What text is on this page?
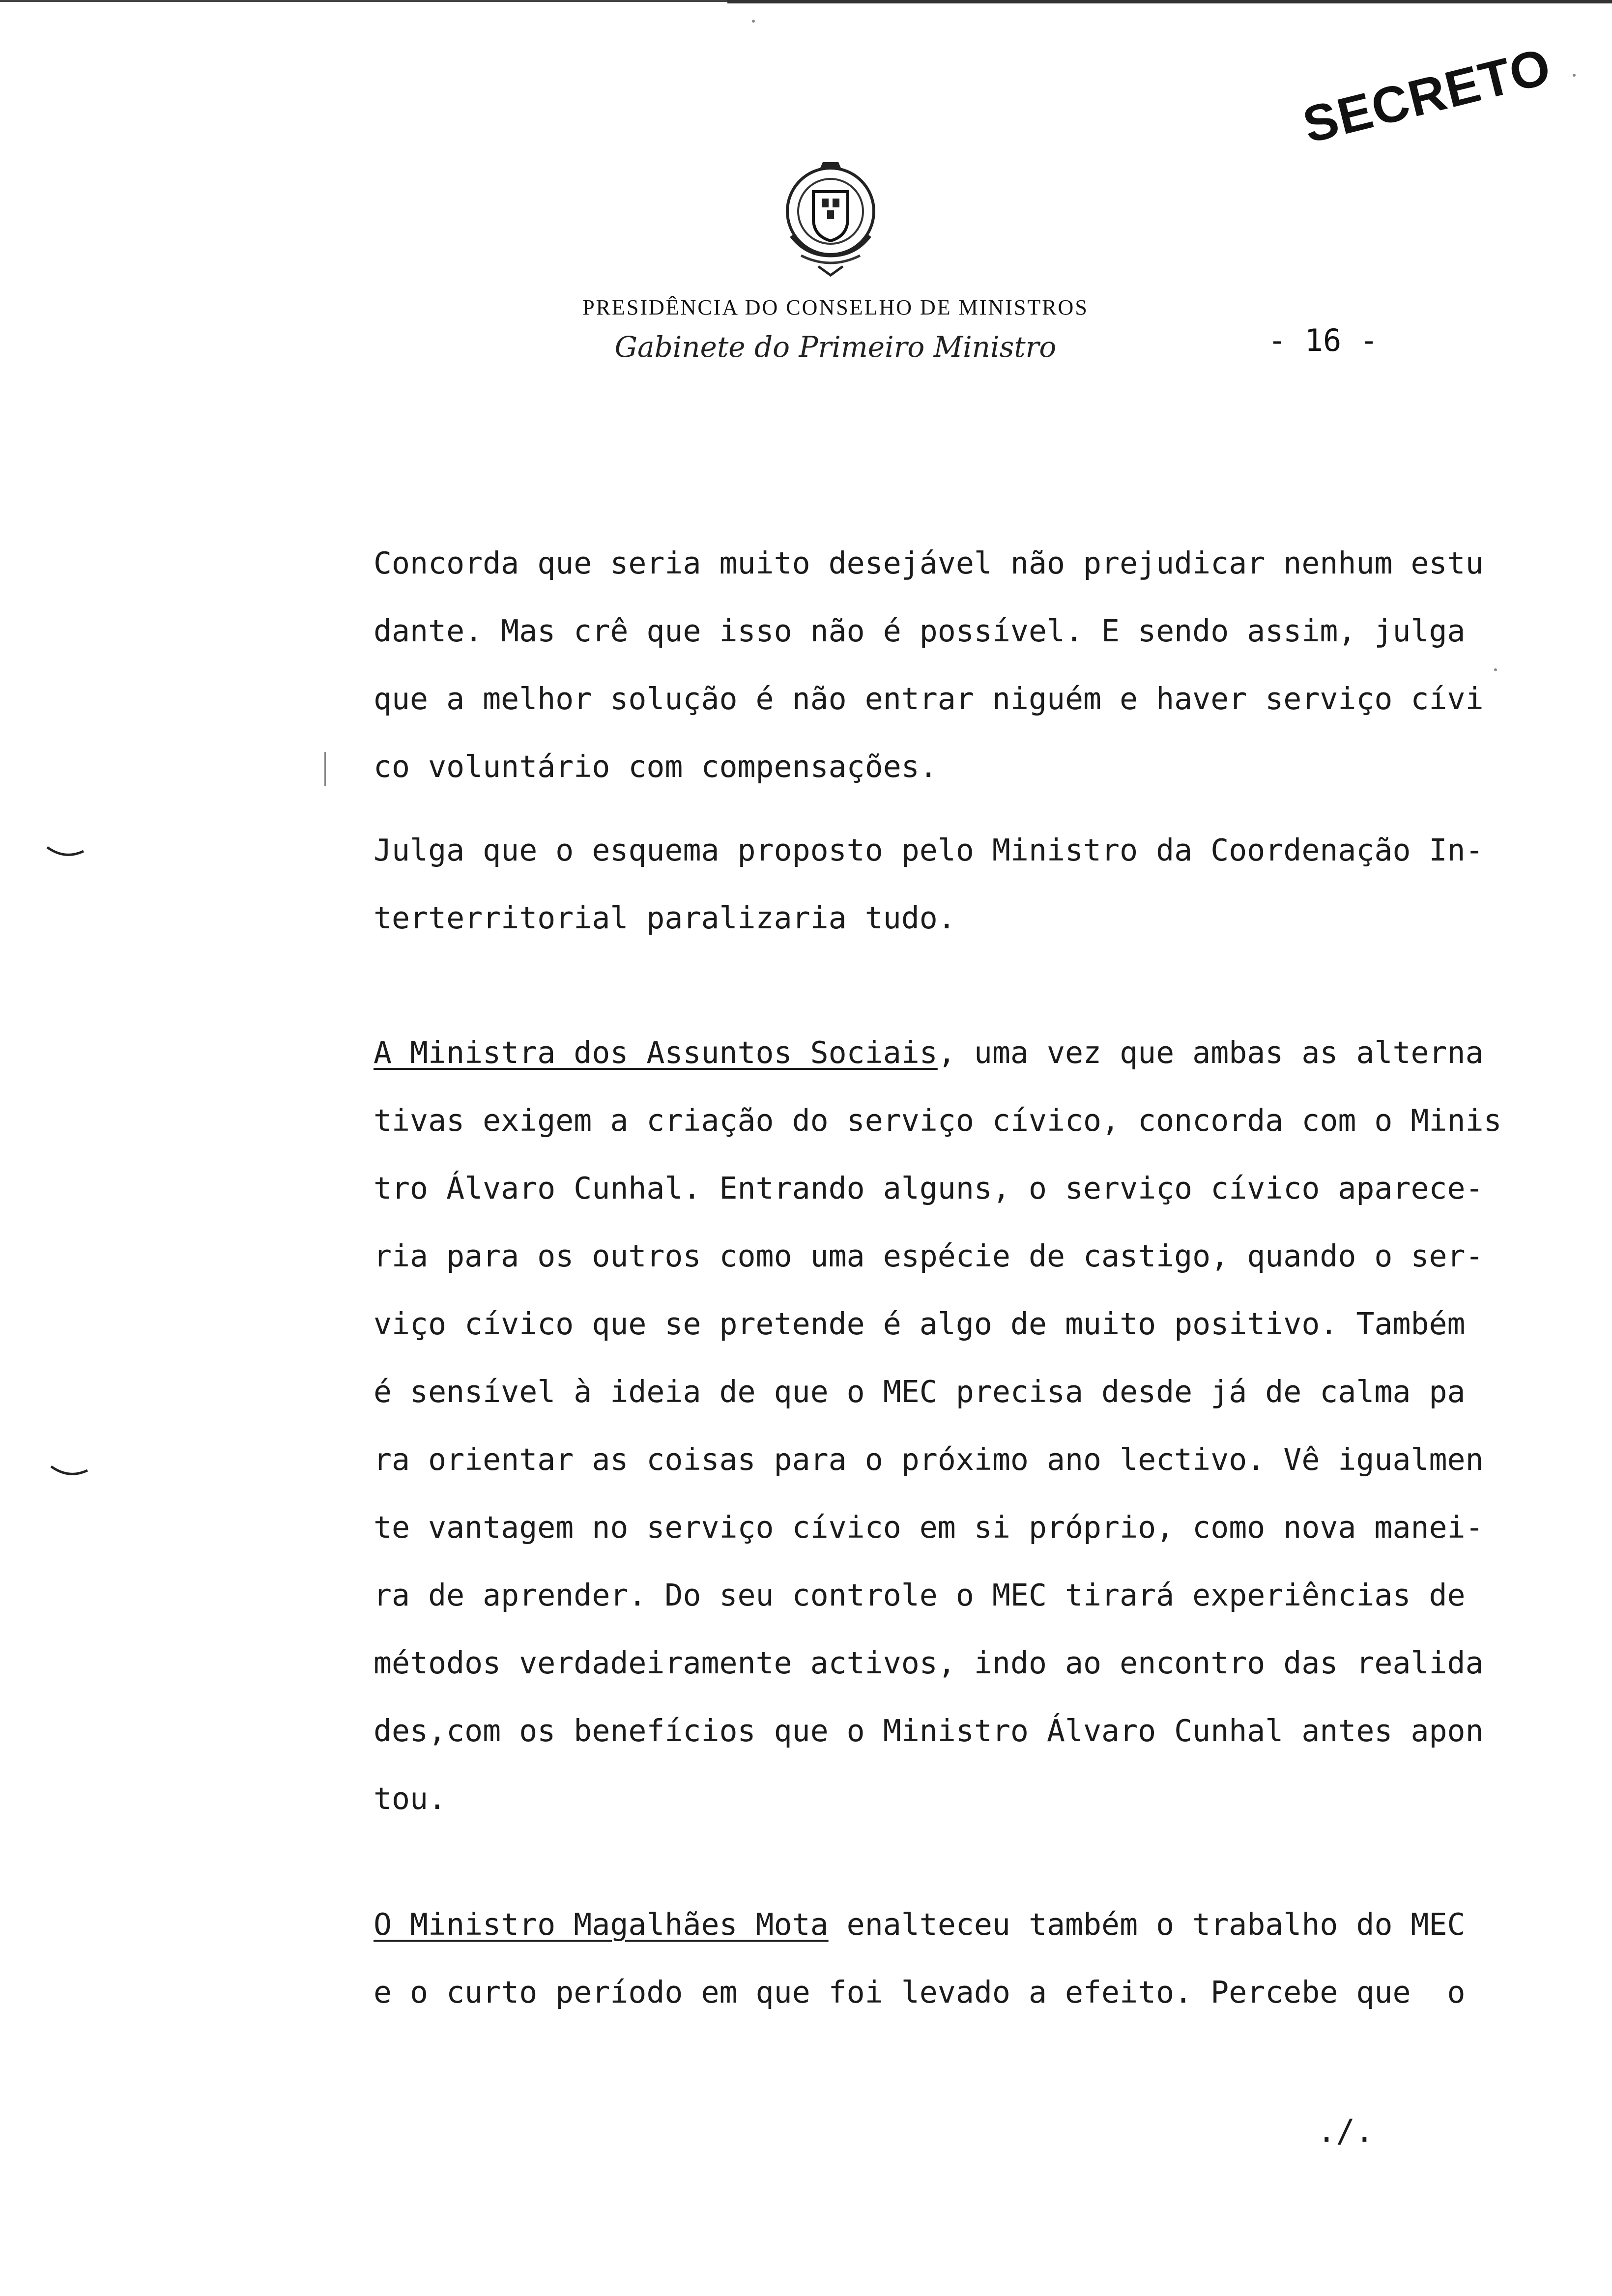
SECRETO
PRESIDÊNCIA DO CONSELHO DE MINISTROS
Gabinete do Primeiro Ministro	- 16 -
Concorda que seria muito desejável não prejudicar nenhum estu
dante. Mas crê que isso não é possível. E sendo assim, julga
que a melhor solução é não entrar niguém e haver serviço cívi
co voluntário com compensações.
Julga que o esquema proposto pelo Ministro da Coordenação In-
terterritorial paralizaria tudo.
A Ministra dos Assuntos Sociais, uma vez que ambas as alterna
tivas exigem a criação do serviço cívico, concorda com o Minis
tro Álvaro Cunhal. Entrando alguns, o serviço cívico aparece-
ria para os outros como uma espécie de castigo, quando o ser-
viço cívico que se pretende é algo de muito positivo. Também
é sensível à ideia de que o MEC precisa desde já de calma pa
ra orientar as coisas para o próximo ano lectivo. Vê igualmen
te vantagem no serviço cívico em si próprio, como nova manei-
ra de aprender. Do seu controle o MEC tirará experiências de
métodos verdadeiramente activos, indo ao encontro das realida
des,com os benefícios que o Ministro Álvaro Cunhal antes apon
tou.
O Ministro Magalhães Mota enalteceu também o trabalho do MEC
e o curto período em que foi levado a efeito. Percebe que  o
./.
